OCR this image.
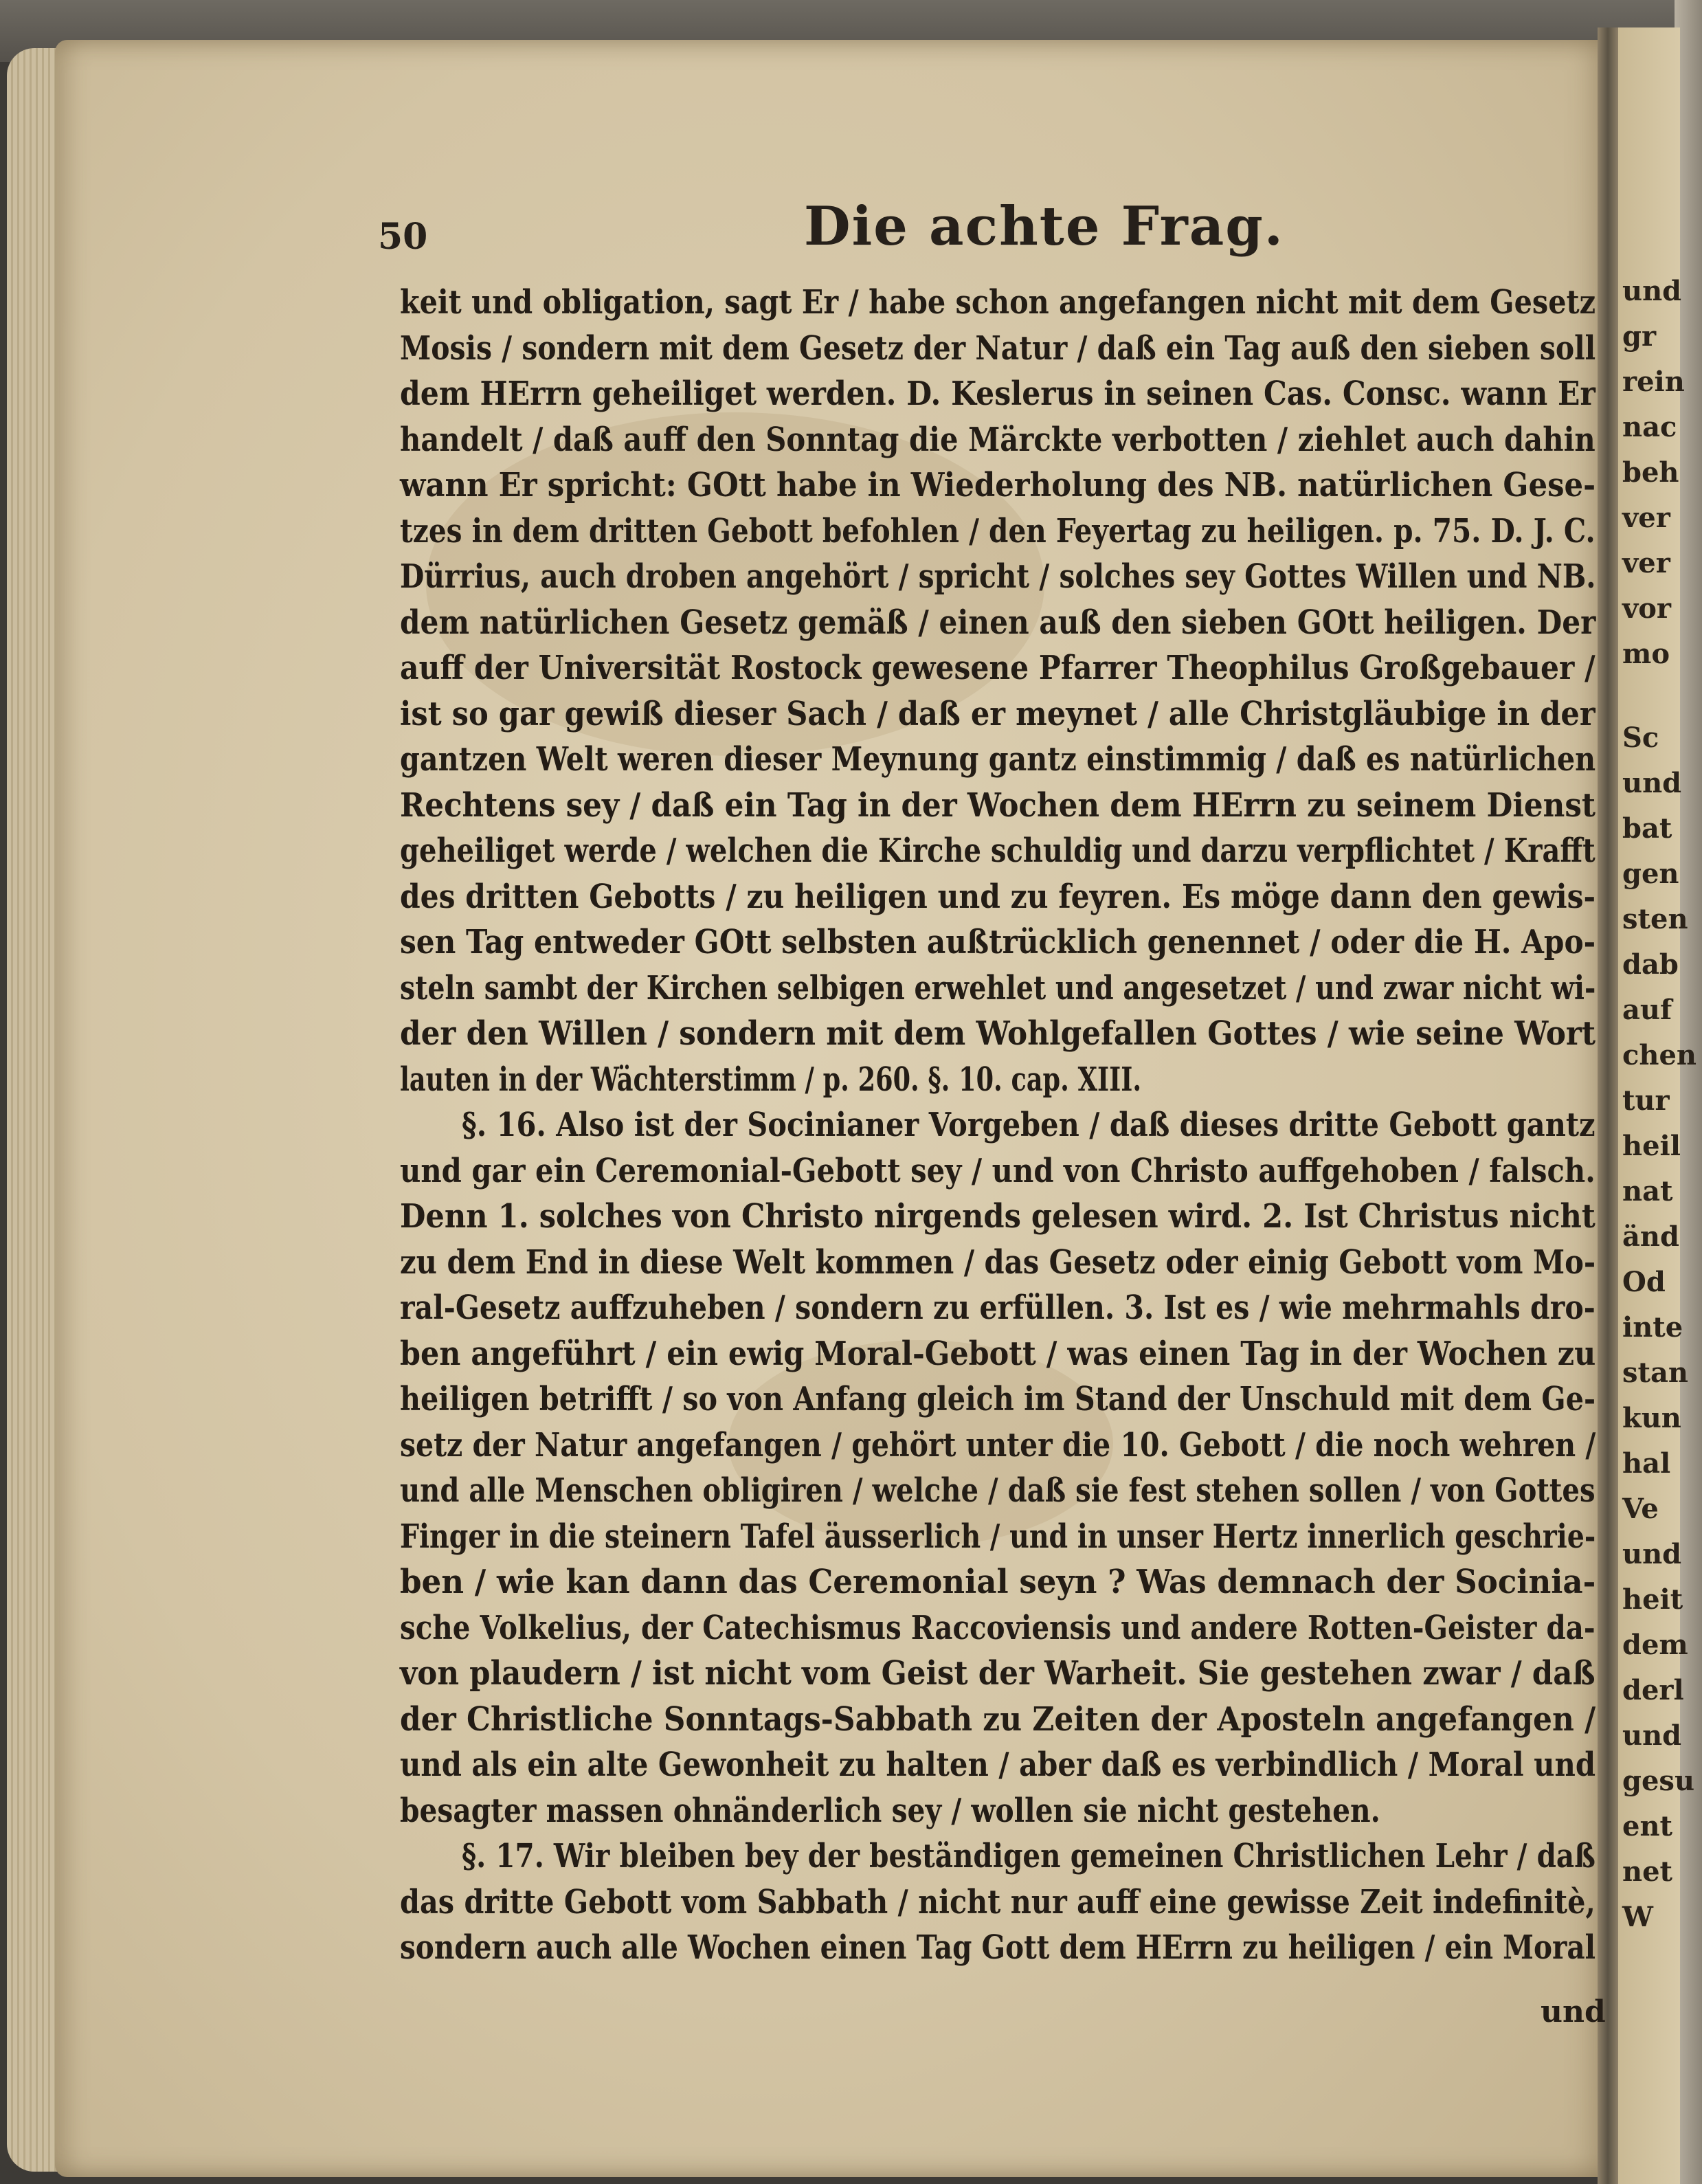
und
gr
rein
nac
beh
ver
ver
vor
mo
Sc
und
bat
gen
sten
dab
auf
chen
tur
heil
nat
änd
Od
inte
stan
kun
hal
Ve
und
heit
dem
derl
und
gesu
ent
net
W
50	Die achte Frag.
keit und obligation, sagt Er / habe schon angefangen nicht mit dem Gesetz
Mosis / sondern mit dem Gesetz der Natur / daß ein Tag auß den sieben soll
dem HErrn geheiliget werden. D. Keslerus in seinen Cas. Consc. wann Er
handelt / daß auff den Sonntag die Märckte verbotten / ziehlet auch dahin
wann Er spricht: GOtt habe in Wiederholung des NB. natürlichen Gese-
tzes in dem dritten Gebott befohlen / den Feyertag zu heiligen. p. 75. D. J. C.
Dürrius, auch droben angehört / spricht / solches sey Gottes Willen und NB.
dem natürlichen Gesetz gemäß / einen auß den sieben GOtt heiligen. Der
auff der Universität Rostock gewesene Pfarrer Theophilus Großgebauer /
ist so gar gewiß dieser Sach / daß er meynet / alle Christgläubige in der
gantzen Welt weren dieser Meynung gantz einstimmig / daß es natürlichen
Rechtens sey / daß ein Tag in der Wochen dem HErrn zu seinem Dienst
geheiliget werde / welchen die Kirche schuldig und darzu verpflichtet / Krafft
des dritten Gebotts / zu heiligen und zu feyren. Es möge dann den gewis-
sen Tag entweder GOtt selbsten außtrücklich genennet / oder die H. Apo-
steln sambt der Kirchen selbigen erwehlet und angesetzet / und zwar nicht wi-
der den Willen / sondern mit dem Wohlgefallen Gottes / wie seine Wort
lauten in der Wächterstimm / p. 260. §. 10. cap. XIII.
§. 16. Also ist der Socinianer Vorgeben / daß dieses dritte Gebott gantz
und gar ein Ceremonial-Gebott sey / und von Christo auffgehoben / falsch.
Denn 1. solches von Christo nirgends gelesen wird. 2. Ist Christus nicht
zu dem End in diese Welt kommen / das Gesetz oder einig Gebott vom Mo-
ral-Gesetz auffzuheben / sondern zu erfüllen. 3. Ist es / wie mehrmahls dro-
ben angeführt / ein ewig Moral-Gebott / was einen Tag in der Wochen zu
heiligen betrifft / so von Anfang gleich im Stand der Unschuld mit dem Ge-
setz der Natur angefangen / gehört unter die 10. Gebott / die noch wehren /
und alle Menschen obligiren / welche / daß sie fest stehen sollen / von Gottes
Finger in die steinern Tafel äusserlich / und in unser Hertz innerlich geschrie-
ben / wie kan dann das Ceremonial seyn ? Was demnach der Socinia-
sche Volkelius, der Catechismus Raccoviensis und andere Rotten-Geister da-
von plaudern / ist nicht vom Geist der Warheit. Sie gestehen zwar / daß
der Christliche Sonntags-Sabbath zu Zeiten der Aposteln angefangen /
und als ein alte Gewonheit zu halten / aber daß es verbindlich / Moral und
besagter massen ohnänderlich sey / wollen sie nicht gestehen.
§. 17. Wir bleiben bey der beständigen gemeinen Christlichen Lehr / daß
das dritte Gebott vom Sabbath / nicht nur auff eine gewisse Zeit indefinitè,
sondern auch alle Wochen einen Tag Gott dem HErrn zu heiligen / ein Moral
und
